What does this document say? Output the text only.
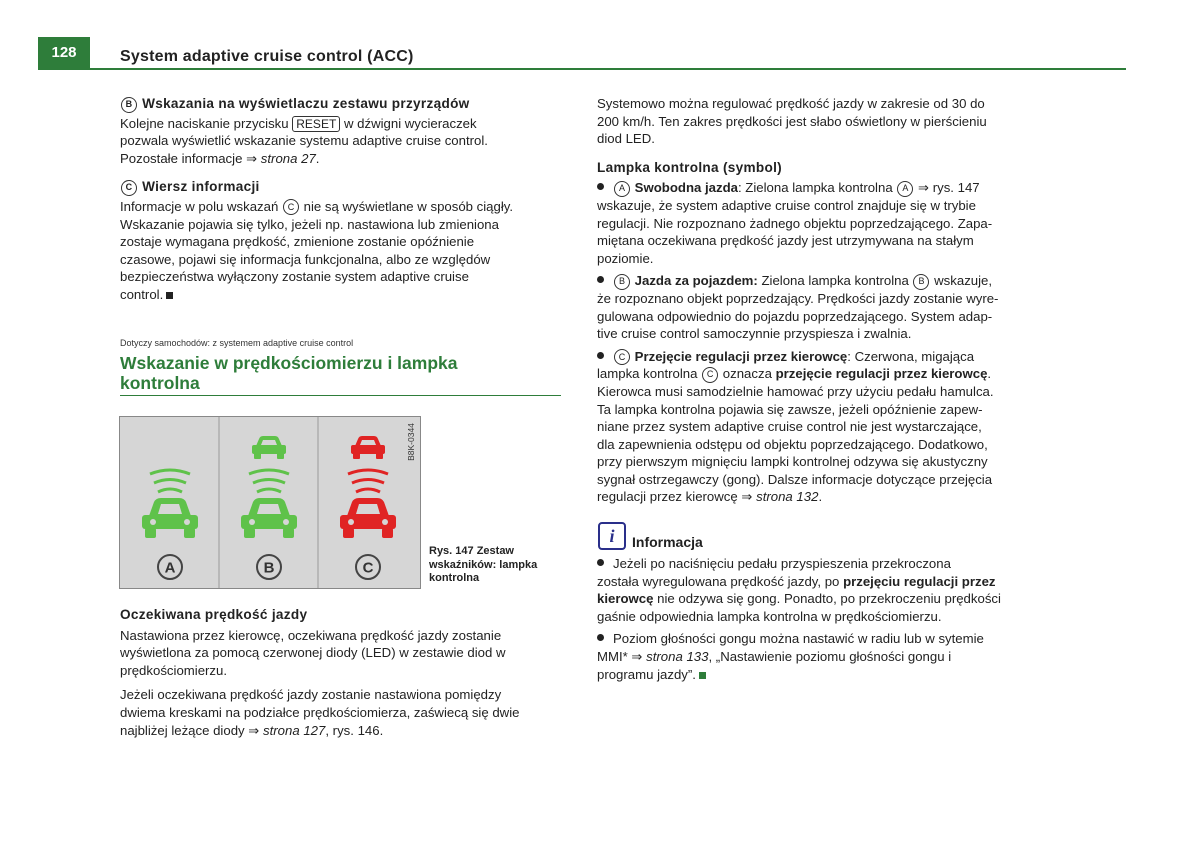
128	System adaptive cruise control (ACC)

B Wskazania na wyświetlaczu zestawu przyrządów

Kolejne naciskanie przycisku RESET w dźwigni wycieraczek

pozwala wyświetlić wskazanie systemu adaptive cruise control.

Pozostałe informacje ⇒ strona 27.

C Wiersz informacji

Informacje w polu wskazań C nie są wyświetlane w sposób ciągły.

Wskazanie pojawia się tylko, jeżeli np. nastawiona lub zmieniona

zostaje wymagana prędkość, zmienione zostanie opóźnienie

czasowe, pojawi się informacja funkcjonalna, albo ze względów

bezpieczeństwa wyłączony zostanie system adaptive cruise

control.

Dotyczy samochodów: z systemem adaptive cruise control
Wskazanie w prędkościomierzu i lampka
kontrolna
A	B	C
B8K-0344
Rys. 147 Zestaw
wskaźników: lampka
kontrolna

Oczekiwana prędkość jazdy

Nastawiona przez kierowcę, oczekiwana prędkość jazdy zostanie

wyświetlona za pomocą czerwonej diody (LED) w zestawie diod w

prędkościomierzu.

Jeżeli oczekiwana prędkość jazdy zostanie nastawiona pomiędzy

dwiema kreskami na podziałce prędkościomierza, zaświecą się dwie

najbliżej leżące diody ⇒ strona 127, rys. 146.

Systemowo można regulować prędkość jazdy w zakresie od 30 do

200 km/h. Ten zakres prędkości jest słabo oświetlony w pierścieniu

diod LED.

Lampka kontrolna (symbol)

A Swobodna jazda: Zielona lampka kontrolna A ⇒ rys. 147

wskazuje, że system adaptive cruise control znajduje się w trybie

regulacji. Nie rozpoznano żadnego objektu poprzedzającego. Zapa-

miętana oczekiwana prędkość jazdy jest utrzymywana na stałym

poziomie.

B Jazda za pojazdem: Zielona lampka kontrolna B wskazuje,

że rozpoznano objekt poprzedzający. Prędkości jazdy zostanie wyre-

gulowana odpowiednio do pojazdu poprzedzającego. System adap-

tive cruise control samoczynnie przyspiesza i zwalnia.

C Przejęcie regulacji przez kierowcę: Czerwona, migająca

lampka kontrolna C oznacza przejęcie regulacji przez kierowcę.

Kierowca musi samodzielnie hamować przy użyciu pedału hamulca.

Ta lampka kontrolna pojawia się zawsze, jeżeli opóźnienie zapew-

niane przez system adaptive cruise control nie jest wystarczające,

dla zapewnienia odstępu od objektu poprzedzającego. Dodatkowo,

przy pierwszym mignięciu lampki kontrolnej odzywa się akustyczny

sygnał ostrzegawczy (gong). Dalsze informacje dotyczące przejęcia

regulacji przez kierowcę ⇒ strona 132.

i	Informacja

Jeżeli po naciśnięciu pedału przyspieszenia przekroczona

została wyregulowana prędkość jazdy, po przejęciu regulacji przez

kierowcę nie odzywa się gong. Ponadto, po przekroczeniu prędkości

gaśnie odpowiednia lampka kontrolna w prędkościomierzu.

Poziom głośności gongu można nastawić w radiu lub w sytemie

MMI* ⇒ strona 133, „Nastawienie poziomu głośności gongu i

programu jazdy”.
